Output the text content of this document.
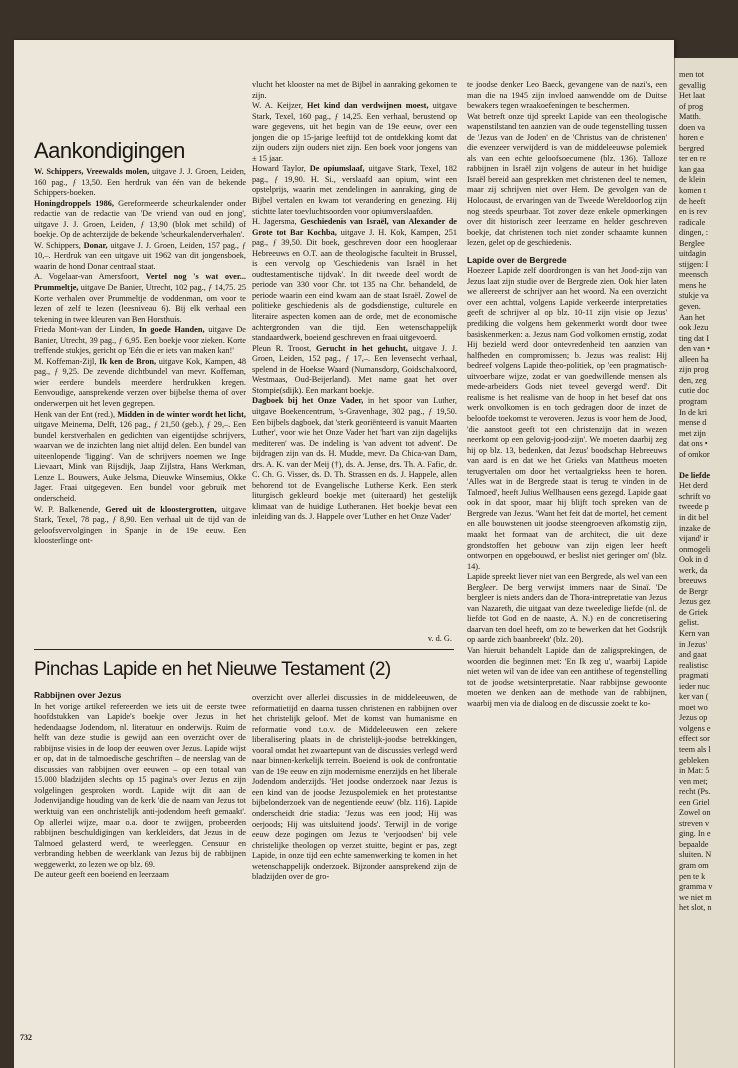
Aankondigingen

W. Schippers, Vreewalds molen, uitgave J. J. Groen, Leiden, 160 pag., ƒ 13,50. Een herdruk van één van de bekende Schippers-boeken.

Honingdroppels 1986, Gereformeerde scheurkalender onder redactie van de redactie van 'De vriend van oud en jong', uitgave J. J. Groen, Leiden, ƒ 13,90 (blok met schild) of boekje. Op de achterzijde de bekende 'scheurkalenderverhalen'.

W. Schippers, Donar, uitgave J. J. Groen, Leiden, 157 pag., ƒ 10,–. Herdruk van een uitgave uit 1962 van dit jongensboek, waarin de hond Donar centraal staat.

A. Vogelaar-van Amersfoort, Vertel nog 's wat over... Prummeltje, uitgave De Banier, Utrecht, 102 pag., ƒ 14,75. 25 Korte verhalen over Prummeltje de voddenman, om voor te lezen of zelf te lezen (leesniveau 6). Bij elk verhaal een tekening in twee kleuren van Ben Horsthuis.

Frieda Mont-van der Linden, In goede Handen, uitgave De Banier, Utrecht, 39 pag., ƒ 6,95. Een boekje voor zieken. Korte treffende stukjes, gericht op 'Eén die er iets van maken kan!'

M. Koffeman-Zijl, Ik ken de Bron, uitgave Kok, Kampen, 48 pag., ƒ 9,25. De zevende dichtbundel van mevr. Koffeman, wier eerdere bundels meerdere herdrukken kregen. Eenvoudige, aansprekende verzen over bijbelse thema of over onderwerpen uit het leven gegrepen.

Henk van der Ent (red.), Midden in de winter wordt het licht, uitgave Meinema, Delft, 126 pag., ƒ 21,50 (geb.), ƒ 29,–. Een bundel kerstverhalen en gedichten van eigentijdse schrijvers, waarvan we de inzichten lang niet altijd delen. Een bundel van uiteenlopende 'ligging'. Van de schrijvers noemen we Inge Lievaart, Mink van Rijsdijk, Jaap Zijlstra, Hans Werkman, Lenze L. Bouwers, Auke Jelsma, Dieuwke Winsemius, Okke Jager. Fraai uitgegeven. Een bundel voor gebruik met onderscheid.

W. P. Balkenende, Gered uit de kloostergrotten, uitgave Stark, Texel, 78 pag., ƒ 8,90. Een verhaal uit de tijd van de geloofsvervolgingen in Spanje in de 19e eeuw. Een kloosterlinge ont-

vlucht het klooster na met de Bijbel in aanraking gekomen te zijn.

W. A. Keijzer, Het kind dan verdwijnen moest, uitgave Stark, Texel, 160 pag., ƒ 14,25. Een verhaal, berustend op ware gegevens, uit het begin van de 19e eeuw, over een jongen die op 15-jarige leeftijd tot de ontdekking komt dat zijn ouders zijn ouders niet zijn. Een boek voor jongens van ± 15 jaar.

Howard Taylor, De opiumslaaf, uitgave Stark, Texel, 182 pag., ƒ 19,90. H. Si., verslaafd aan opium, wint een opstelprijs, waarin met zendelingen in aanraking, ging de Bijbel vertalen en kwam tot verandering en genezing. Hij stichtte later toevluchtsoorden voor opiumverslaafden.

H. Jagersma, Geschiedenis van Israël, van Alexander de Grote tot Bar Kochba, uitgave J. H. Kok, Kampen, 251 pag., ƒ 39,50. Dit boek, geschreven door een hoogleraar Hebreeuws en O.T. aan de theologische faculteit in Brussel, is een vervolg op 'Geschiedenis van Israël in het oudtestamentische tijdvak'. In dit tweede deel wordt de periode van 330 voor Chr. tot 135 na Chr. behandeld, de periode waarin een eind kwam aan de staat Israël. Zowel de politieke geschiedenis als de godsdienstige, culturele en literaire aspecten komen aan de orde, met de economische achtergronden van die tijd. Een wetenschappelijk standaardwerk, boeiend geschreven en fraai uitgevoerd.

Pleun R. Troost, Gerucht in het gehucht, uitgave J. J. Groen, Leiden, 152 pag., ƒ 17,–. Een levensecht verhaal, spelend in de Hoekse Waard (Numansdorp, Goidschalxoord, Westmaas, Oud-Beijerland). Met name gaat het over Stompie(sdijk). Een markant boekje.

Dagboek bij het Onze Vader, in het spoor van Luther, uitgave Boekencentrum, 's-Gravenhage, 302 pag., ƒ 19,50. Een bijbels dagboek, dat 'sterk georiënteerd is vanuit Maarten Luther', voor wie het Onze Vader het 'hart van zijn dagelijks mediteren' was. De indeling is 'van advent tot advent'. De bijdragen zijn van ds. H. Mudde, mevr. Da Chica-van Dam, drs. A. K. van der Meij (†), ds. A. Jense, drs. Th. A. Fafic, dr. C. Ch. G. Visser, ds. D. Th. Strassen en ds. J. Happele, allen behorend tot de Evangelische Lutherse Kerk. Een sterk liturgisch gekleurd boekje met (uiteraard) het gestelijk klimaat van de huidige Lutheranen. Het boekje bevat een inleiding van ds. J. Happele over 'Luther en het Onze Vader'

v. d. G.

te joodse denker Leo Baeck, gevangene van de nazi's, een man die na 1945 zijn invloed aanwendde om de Duitse bewakers tegen wraakoefeningen te beschermen.

Wat betreft onze tijd spreekt Lapide van een theologische wapenstilstand ten aanzien van de oude tegenstelling tussen de 'Jezus van de Joden' en de 'Christus van de christenen' die evenzeer verwijderd is van de middeleeuwse polemiek als van een echte geloofsoecumene (blz. 136). Talloze rabbijnen in Israël zijn volgens de auteur in het huidige Israël bereid aan gesprekken met christenen deel te nemen, maar zij schrijven niet over Hem. De gevolgen van de Holocaust, de ervaringen van de Tweede Wereldoorlog zijn nog steeds speurbaar. Tot zover deze enkele opmerkingen over dit historisch zeer leerzame en helder geschreven boekje, dat christenen toch niet zonder schaamte kunnen lezen, gelet op de geschiedenis.

Lapide over de Bergrede

Hoezeer Lapide zelf doordrongen is van het Jood-zijn van Jezus laat zijn studie over de Bergrede zien. Ook hier laten we allereerst de schrijver aan het woord. Na een overzicht over een achttal, volgens Lapide verkeerde interpretaties geeft de schrijver al op blz. 10-11 zijn visie op Jezus' prediking die volgens hem gekenmerkt wordt door twee basiskenmerken: a. Jezus nam God volkomen ernstig, zodat Hij bezield werd door ontevredenheid ten aanzien van halfheden en compromissen; b. Jezus was realist: Hij bedreef volgens Lapide theo-politiek, op 'een pragmatisch-uitvoerbare wijze, zodat er van goedwillende mensen als mede-arbeiders Gods niet teveel gevergd werd'. Dit realisme is het realisme van de hoop in het besef dat ons werk onvolkomen is en toch gedragen door de inzet de beloofde toekomst te veroveren. Jezus is voor hem de Jood, 'die aanstoot geeft tot een christenzijn dat in wezen neerkomt op een gelovig-jood-zijn'. We moeten daarbij zeg hij op blz. 13, bedenken, dat Jezus' boodschap Hebreeuws van aard is en dat we het Grieks van Mattheus moeten terugvertalen om door het vertaalgriekss heen te horen. 'Alles wat in de Bergrede staat is terug te vinden in de Talmoed', heeft Julius Wellhausen eens gezegd. Lapide gaat ook in dat spoor, maar hij blijft toch spreken van de Bergrede van Jezus. 'Want het feit dat de mortel, het cement en alle bouwstenen uit joodse steengroeven afkomstig zijn, maakt het formaat van de architect, die uit deze grondstoffen het gebouw van zijn eigen leer heeft ontworpen en opgebouwd, er beslist niet geringer om' (blz. 14).

Lapide spreekt liever niet van een Bergrede, als wel van een Bergleer. De berg verwijst immers naar de Sinaï. 'De bergleer is niets anders dan de Thora-intrepretatie van Jezus van Nazareth, die uitgaat van deze tweeledige liefde (nl. de liefde tot God en de naaste, A. N.) en de concretisering daarvan ten doel heeft, om zo te bewerken dat het Godsrijk op aarde zich baanbreekt' (blz. 20).

Van hieruit behandelt Lapide dan de zaligsprekingen, de woorden die beginnen met: 'En Ik zeg u', waarbij Lapide niet weten wil van de idee van een antithese of tegenstelling tot de joodse wetsinterpretatie. Naar rabbijnse gewoonte moeten we denken aan de methode van de rabbijnen, waarbij men via de dialoog en de discussie zoekt te ko-

Pinchas Lapide en het Nieuwe Testament (2)
Rabbijnen over Jezus

In het vorige artikel refereerden we iets uit de eerste twee hoofdstukken van Lapide's boekje over Jezus in het hedendaagse Jodendom, nl. literatuur en onderwijs. Ruim de helft van deze studie is gewijd aan een overzicht over de rabbijnse visies in de loop der eeuwen over Jezus. Lapide wijst er op, dat in de talmoedische geschriften – de neerslag van de discussies van rabbijnen over eeuwen – op een totaal van 15.000 bladzijden slechts op 15 pagina's over Jezus en zijn volgelingen gesproken wordt. Lapide wijt dit aan de Jodenvijandige houding van de kerk 'die de naam van Jezus tot werktuig van een onchristelijk anti-jodendom heeft gemaakt'. Op allerlei wijze, maar o.a. door te zwijgen, probeerden rabbijnen beschuldigingen van kerkleiders, dat Jezus in de Talmoed gelasterd werd, te weerleggen. Censuur en verbranding hebben de weerklank van Jezus bij de rabbijnen weggewerkt, zo lezen we op blz. 69.

De auteur geeft een boeiend en leerzaam

overzicht over allerlei discussies in de middeleeuwen, de reformatietijd en daarna tussen christenen en rabbijnen over het christelijk geloof. Met de komst van humanisme en reformatie vond t.o.v. de Middeleeuwen een zekere liberalisering plaats in de christelijk-joodse betrekkingen, vooral omdat het zwaartepunt van de discussies verlegd werd naar binnen-kerkelijk terrein. Boeiend is ook de confrontatie van de 19e eeuw en zijn modernisme enerzijds en het liberale Jodendom anderzijds. 'Het joodse onderzoek naar Jezus is een kind van de joodse Jezuspolemiek en het protestantse bijbelonderzoek van de negentiende eeuw' (blz. 116). Lapide onderscheidt drie stadia: 'Jezus was een jood; Hij was oerjoods; Hij was uitsluitend joods'. Terwijl in de vorige eeuw deze pogingen om Jezus te 'verjoodsen' bij vele christelijke theologen op verzet stuitte, begint er pas, zegt Lapide, in onze tijd een echte samenwerking te komen in het wetenschappelijk onderzoek. Bijzonder aansprekend zijn de bladzijden over de gro-

732
men tot
gevallig
Het laat
of prog
Matth.
doen va
horen e
bergred
ter en re
kan gaa
de klein
komen t
de heeft
en is rev
radicale
dingen, :
Berglee
uitdagin
stijgen: I
meensch
mens he
stukje va
geven.
Aan het
ook Jezu
ting dat I
den van •
alleen ha
zijn prog
den, zeg
cutie doc
program
In de kri
mense d
met zijn
dat ons •
of omkor

De liefde
Het derd
schrift vo
tweede p
in dit bel
inzake de
vijand' ir
onmogeli
Ook in d
werk, da
breeuws
de Bergr
Jezus gez
de Griek
gelist.
Kern van
in Jezus'
and gaat
realistisc
pragmati
ieder nuc
ker van (
moet wo
Jezus op
volgens e
effect sor
teem als l
gebleken
in Mat: 5
ven met;
recht (Ps.
een Griel
Zowel on
streven v
ging. In e
bepaalde
sluiten. N
gram om
pen te k
gramma v
we niet m
het slot, n
